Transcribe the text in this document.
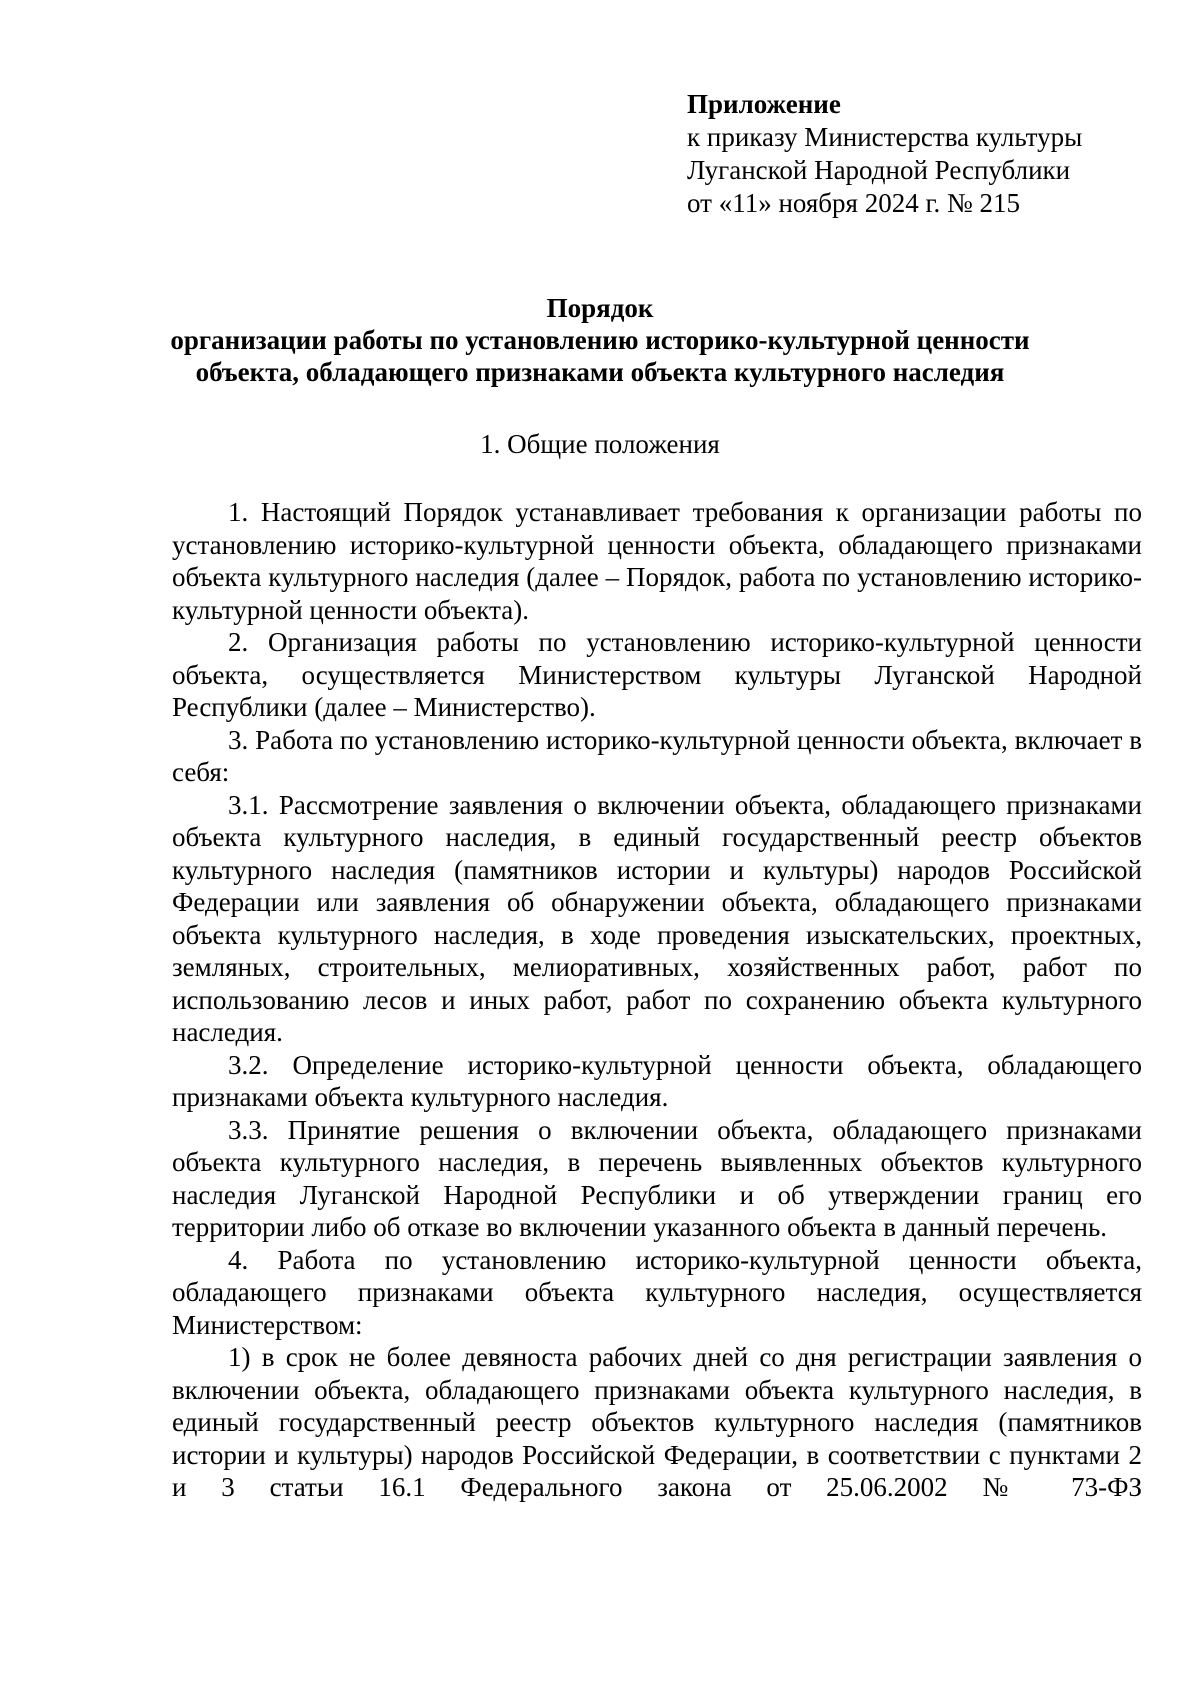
Приложение
к приказу Министерства культуры
Луганской Народной Республики
от «11» ноября 2024 г. № 215
Порядок
организации работы по установлению историко-культурной ценности
объекта, обладающего признаками объекта культурного наследия
1. Общие положения

1. Настоящий Порядок устанавливает требования к организации работы по установлению историко-культурной ценности объекта, обладающего признаками объекта культурного наследия (далее – Порядок, работа по установлению историко-культурной ценности объекта).

2. Организация работы по установлению историко-культурной ценности объекта, осуществляется Министерством культуры Луганской Народной Республики (далее – Министерство).

3. Работа по установлению историко-культурной ценности объекта, включает в себя:

3.1. Рассмотрение заявления о включении объекта, обладающего признаками объекта культурного наследия, в единый государственный реестр объектов культурного наследия (памятников истории и культуры) народов Российской Федерации или заявления об обнаружении объекта, обладающего признаками объекта культурного наследия, в ходе проведения изыскательских, проектных, земляных, строительных, мелиоративных, хозяйственных работ, работ по использованию лесов и иных работ, работ по сохранению объекта культурного наследия.

3.2. Определение историко-культурной ценности объекта, обладающего признаками объекта культурного наследия.

3.3. Принятие решения о включении объекта, обладающего признаками объекта культурного наследия, в перечень выявленных объектов культурного наследия Луганской Народной Республики и об утверждении границ его территории либо об отказе во включении указанного объекта в данный перечень.

4. Работа по установлению историко-культурной ценности объекта, обладающего признаками объекта культурного наследия, осуществляется Министерством:

1) в срок не более девяноста рабочих дней со дня регистрации заявления о включении объекта, обладающего признаками объекта культурного наследия, в единый государственный реестр объектов культурного наследия (памятников истории и культуры) народов Российской Федерации, в соответствии с пунктами 2 и 3 статьи 16.1 Федерального закона от 25.06.2002 № 73-ФЗ
